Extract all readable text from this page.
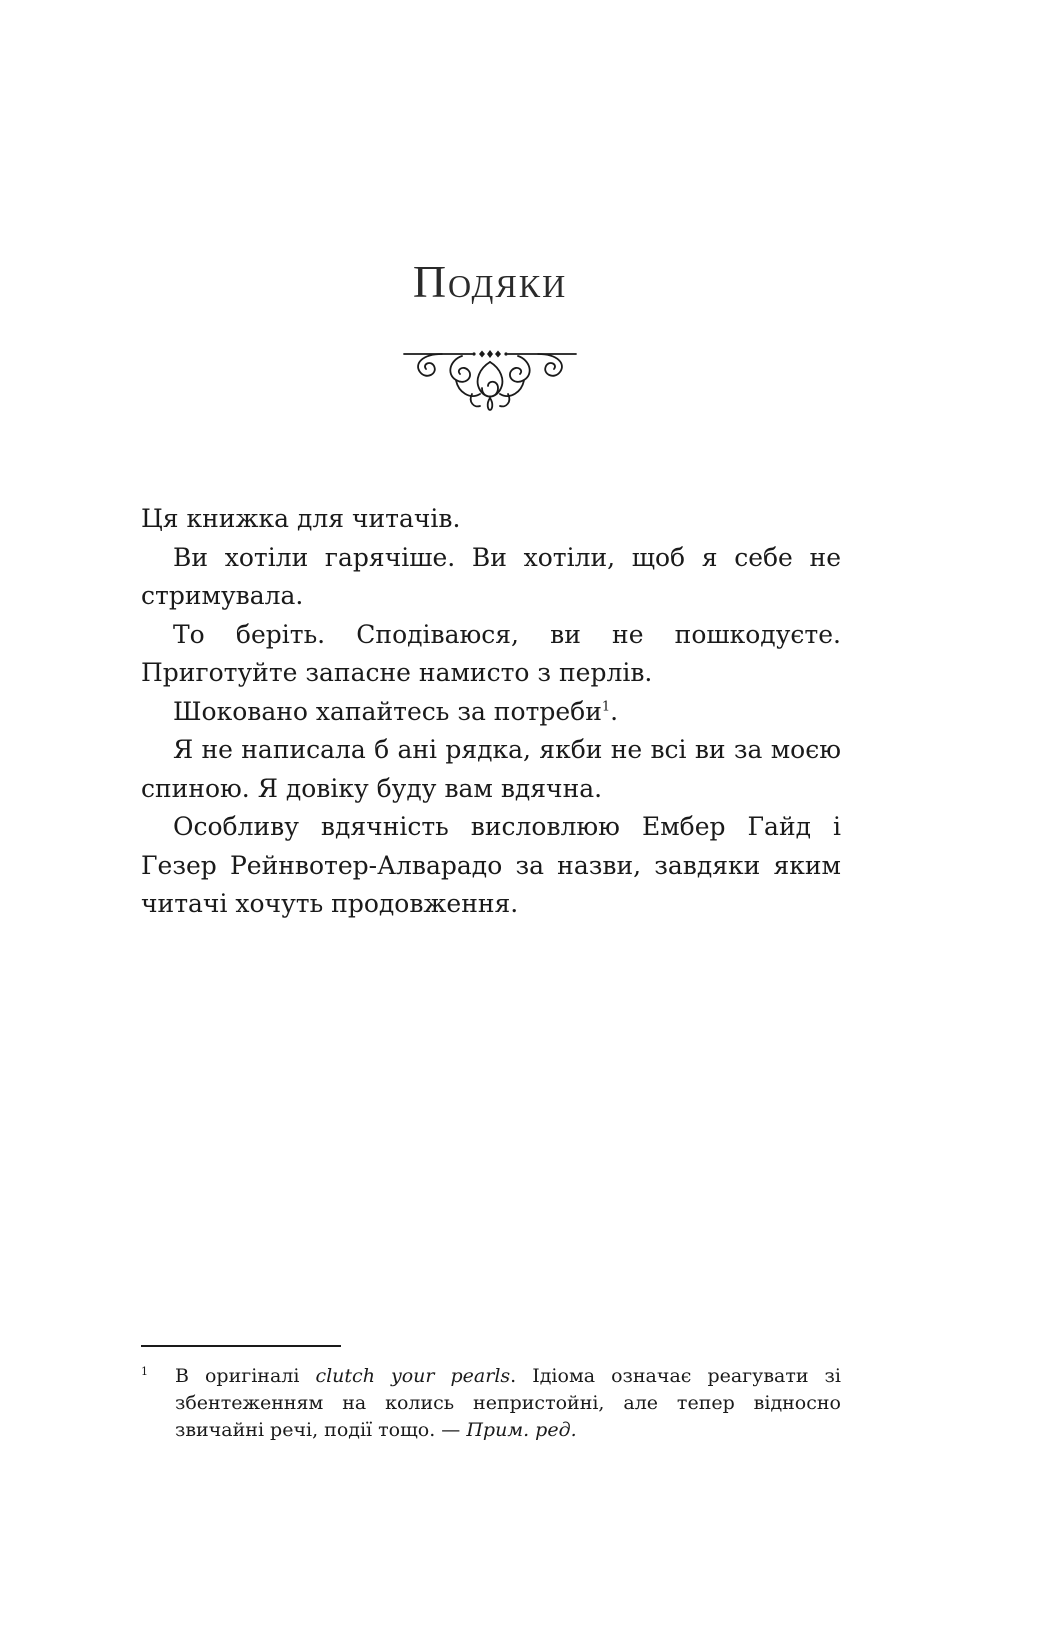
Подяки

Ця книжка для читачів.

Ви хотіли гарячіше. Ви хотіли, щоб я себе не стримувала.

То беріть. Сподіваюся, ви не пошкодуєте. Приготуйте запасне намисто з перлів.

Шоковано хапайтесь за потреби$^1$.

Я не написала б ані рядка, якби не всі ви за моєю спиною. Я довіку буду вам вдячна.

Особливу вдячність висловлюю Ембер Гайд і Гезер Рейнвотер-Алварадо за назви, завдяки яким читачі хочуть продовження.

1	В оригіналі clutch your pearls. Ідіома означає реагувати зі збентеженням на колись непристойні, але тепер відносно звичайні речі, події тощо. — Прим. ред.
